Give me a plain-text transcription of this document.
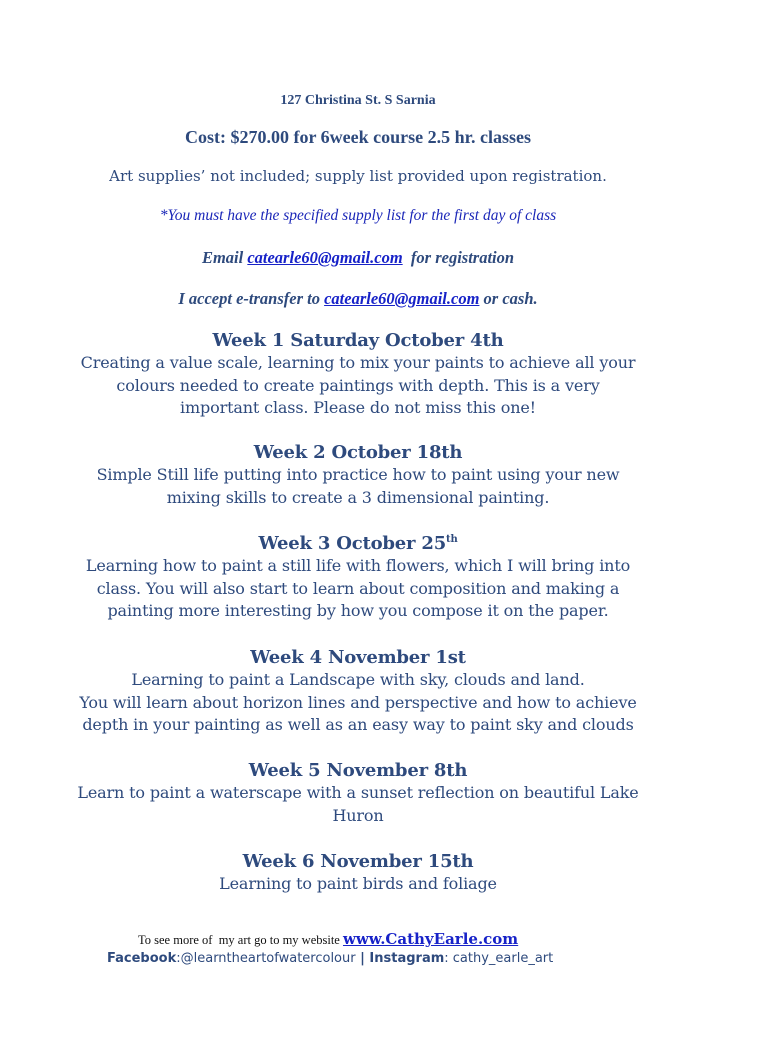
127 Christina St. S Sarnia
Cost: $270.00 for 6week course 2.5 hr. classes
Art supplies’ not included; supply list provided upon registration.
*You must have the specified supply list for the first day of class
Email catearle60@gmail.com  for registration
I accept e-transfer to catearle60@gmail.com or cash.
Week 1 Saturday October 4th
Creating a value scale, learning to mix your paints to achieve all your
colours needed to create paintings with depth. This is a very
important class. Please do not miss this one!
Week 2 October 18th
Simple Still life putting into practice how to paint using your new
mixing skills to create a 3 dimensional painting.
Week 3 October 25th
Learning how to paint a still life with flowers, which I will bring into
class. You will also start to learn about composition and making a
painting more interesting by how you compose it on the paper.
Week 4 November 1st
Learning to paint a Landscape with sky, clouds and land.
You will learn about horizon lines and perspective and how to achieve
depth in your painting as well as an easy way to paint sky and clouds
Week 5 November 8th
Learn to paint a waterscape with a sunset reflection on beautiful Lake
Huron
Week 6 November 15th
Learning to paint birds and foliage
To see more of  my art go to my website www.CathyEarle.com
Facebook:@learntheartofwatercolour | Instagram: cathy_earle_art
